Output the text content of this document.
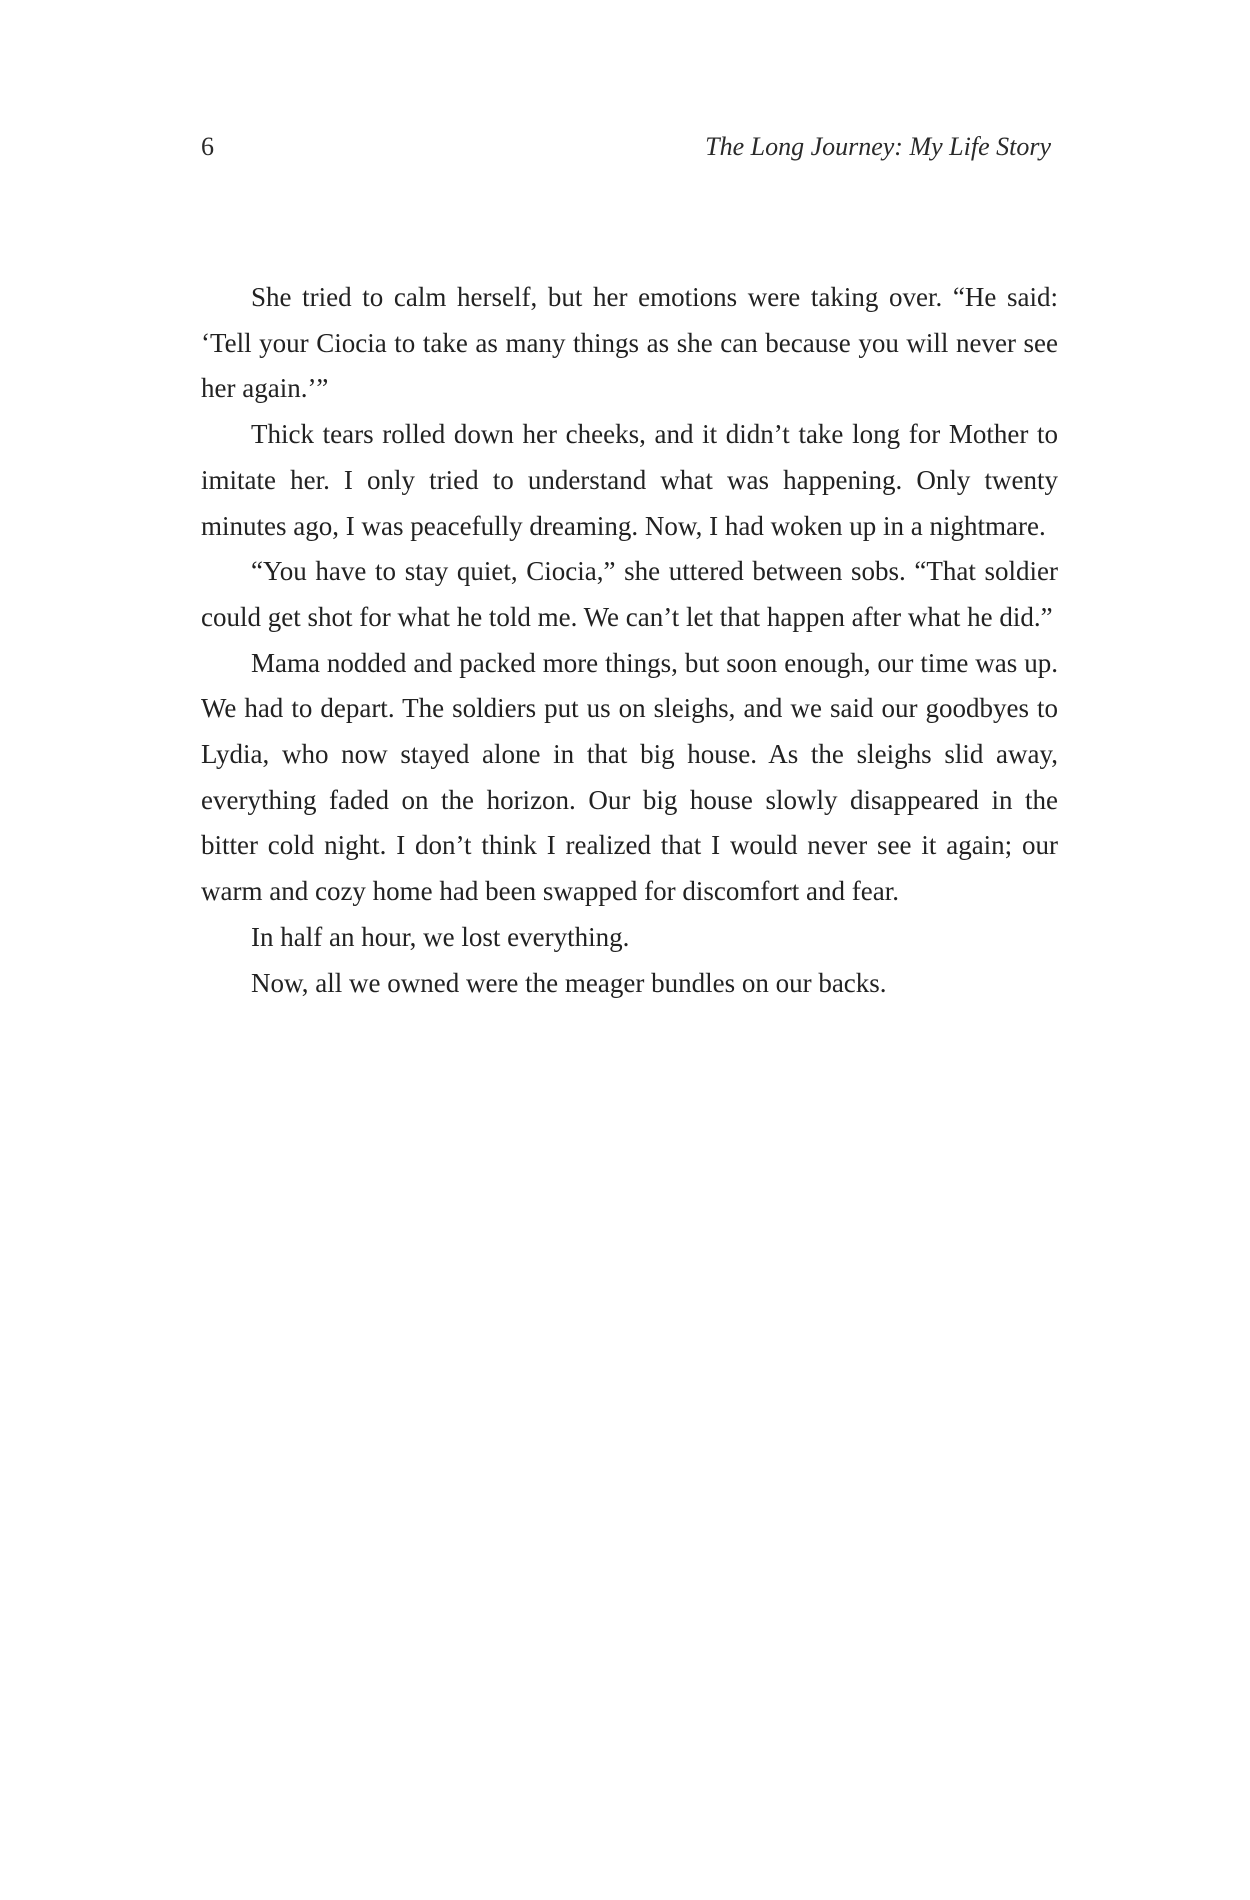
6	The Long Journey: My Life Story

She tried to calm herself, but her emotions were taking over. “He said: ‘Tell your Ciocia to take as many things as she can because you will never see her again.’”

Thick tears rolled down her cheeks, and it didn’t take long for Mother to imitate her. I only tried to understand what was happening. Only twenty minutes ago, I was peacefully dreaming. Now, I had woken up in a nightmare.

“You have to stay quiet, Ciocia,” she uttered between sobs. “That soldier could get shot for what he told me. We can’t let that happen after what he did.”

Mama nodded and packed more things, but soon enough, our time was up. We had to depart. The soldiers put us on sleighs, and we said our goodbyes to Lydia, who now stayed alone in that big house. As the sleighs slid away, everything faded on the horizon. Our big house slowly disappeared in the bitter cold night. I don’t think I realized that I would never see it again; our warm and cozy home had been swapped for discomfort and fear.

In half an hour, we lost everything.

Now, all we owned were the meager bundles on our backs.
